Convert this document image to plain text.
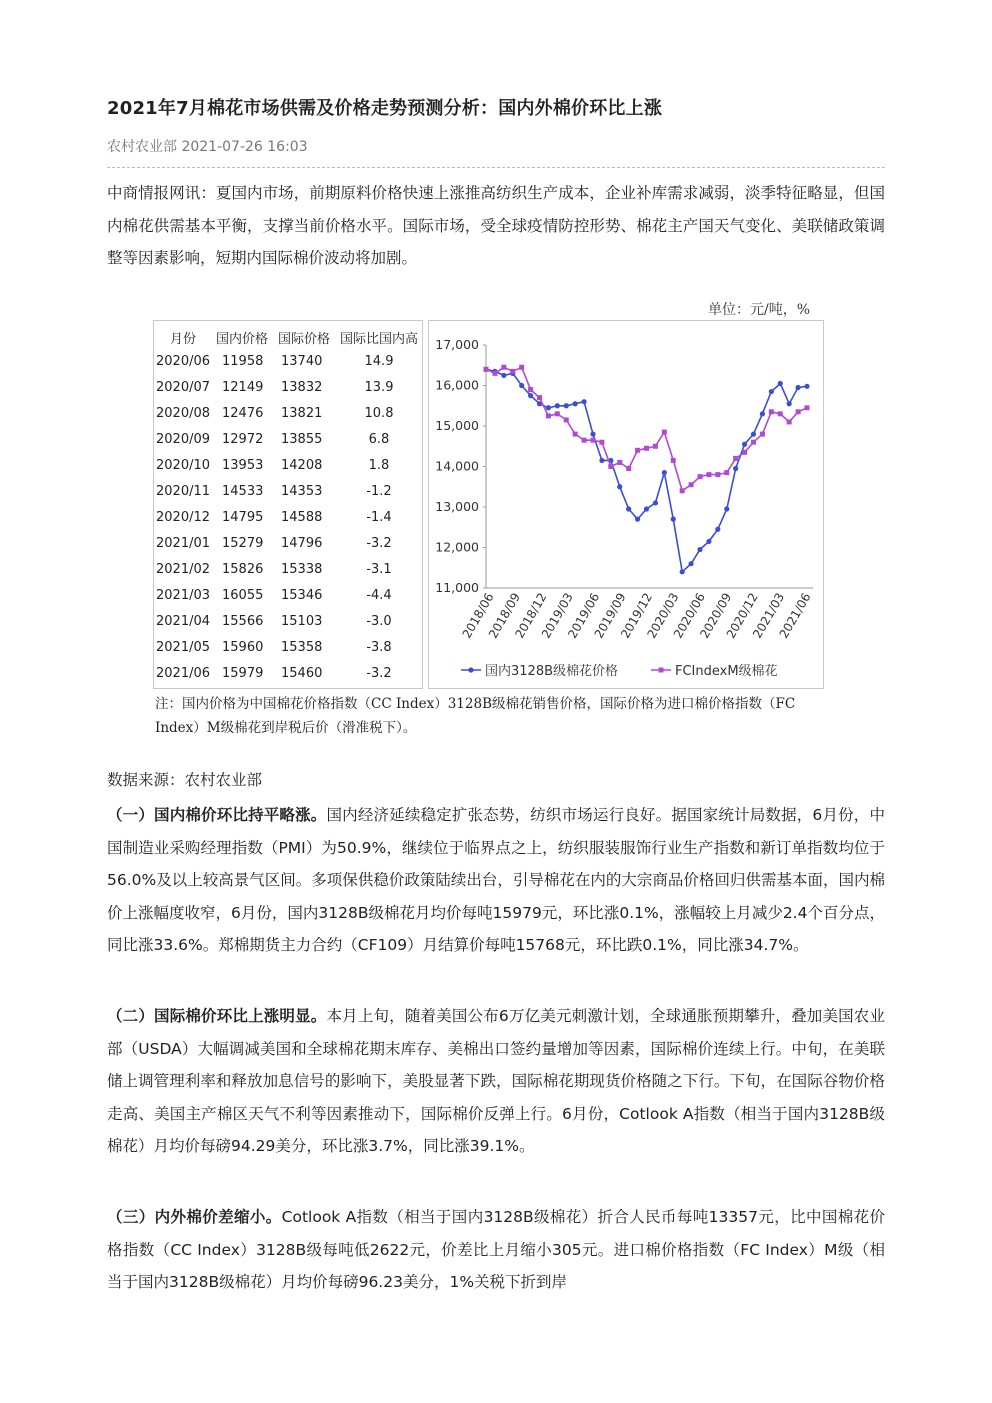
2021年7月棉花市场供需及价格走势预测分析：国内外棉价环比上涨
农村农业部 2021-07-26 16:03
中商情报网讯：夏国内市场，前期原料价格快速上涨推高纺织生产成本，企业补库需求减弱，淡季特征略显，但国内棉花供需基本平衡，支撑当前价格水平。国际市场，受全球疫情防控形势、棉花主产国天气变化、美联储政策调整等因素影响，短期内国际棉价波动将加剧。
单位：元/吨，%
月份 国内价格 国际价格 国际比国内高
2020/06 11958 13740	14.9
2020/07 12149 13832	13.9
2020/08 12476 13821	10.8
2020/09 12972 13855	6.8
2020/10 13953 14208	1.8
2020/11 14533 14353	-1.2
2020/12 14795 14588	-1.4
2021/01 15279 14796	-3.2
2021/02 15826 15338	-3.1
2021/03 16055 15346	-4.4
2021/04 15566 15103	-3.0
2021/05 15960 15358	-3.8
2021/06 15979 15460	-3.2
11,000
12,000
13,000
14,000
15,000
16,000
17,000
2018/06
2018/09
2018/12
2019/03
2019/06
2019/09
2019/12
2020/03
2020/06
2020/09
2020/12
2021/03
2021/06
国内3128B级棉花价格	FCIndexM级棉花
注：国内价格为中国棉花价格指数（CC Index）3128B级棉花销售价格，国际价格为进口棉价格指数（FC Index）M级棉花到岸税后价（滑准税下）。
数据来源：农村农业部
（一）国内棉价环比持平略涨。国内经济延续稳定扩张态势，纺织市场运行良好。据国家统计局数据，6月份，中国制造业采购经理指数（PMI）为50.9%，继续位于临界点之上，纺织服装服饰行业生产指数和新订单指数均位于56.0%及以上较高景气区间。多项保供稳价政策陆续出台，引导棉花在内的大宗商品价格回归供需基本面，国内棉价上涨幅度收窄，6月份，国内3128B级棉花月均价每吨15979元，环比涨0.1%，涨幅较上月减少2.4个百分点，同比涨33.6%。郑棉期货主力合约（CF109）月结算价每吨15768元，环比跌0.1%，同比涨34.7%。
（二）国际棉价环比上涨明显。本月上旬，随着美国公布6万亿美元刺激计划，全球通胀预期攀升，叠加美国农业部（USDA）大幅调减美国和全球棉花期末库存、美棉出口签约量增加等因素，国际棉价连续上行。中旬，在美联储上调管理利率和释放加息信号的影响下，美股显著下跌，国际棉花期现货价格随之下行。下旬，在国际谷物价格走高、美国主产棉区天气不利等因素推动下，国际棉价反弹上行。6月份，Cotlook A指数（相当于国内3128B级棉花）月均价每磅94.29美分，环比涨3.7%，同比涨39.1%。
（三）内外棉价差缩小。Cotlook A指数（相当于国内3128B级棉花）折合人民币每吨13357元，比中国棉花价格指数（CC Index）3128B级每吨低2622元，价差比上月缩小305元。进口棉价格指数（FC Index）M级（相当于国内3128B级棉花）月均价每磅96.23美分，1%关税下折到岸
